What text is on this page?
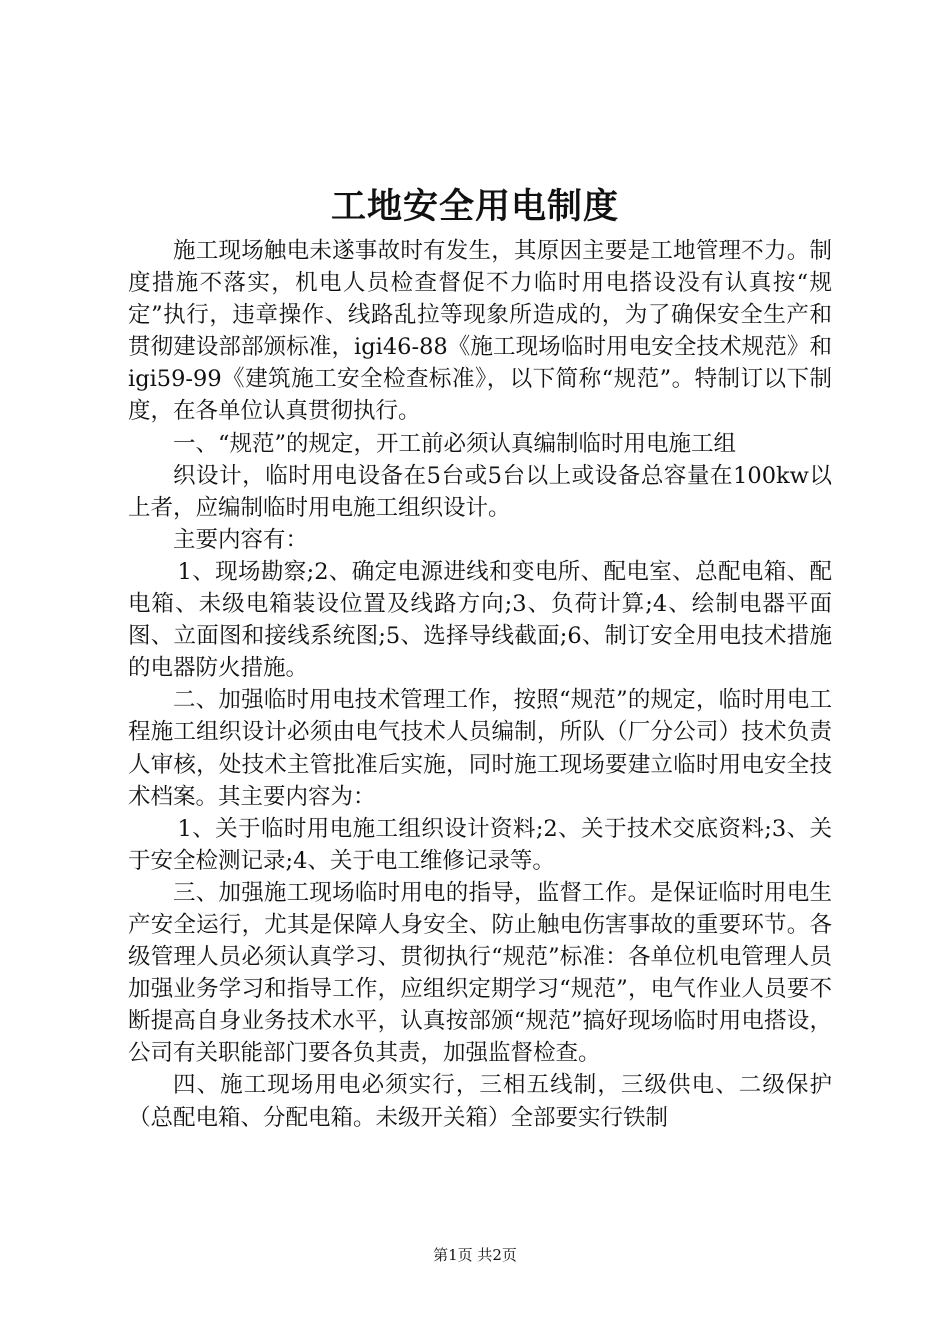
工地安全用电制度

施工现场触电未遂事故时有发生，其原因主要是工地管理不力。制度措施不落实，机电人员检查督促不力临时用电搭设没有认真按“规定”执行，违章操作、线路乱拉等现象所造成的，为了确保安全生产和贯彻建设部部颁标准，igi46-88《施工现场临时用电安全技术规范》和igi59-99《建筑施工安全检查标准》，以下简称“规范”。特制订以下制度，在各单位认真贯彻执行。

一、“规范”的规定，开工前必须认真编制临时用电施工组

织设计，临时用电设备在5台或5台以上或设备总容量在100kw以上者，应编制临时用电施工组织设计。

主要内容有：

1、现场勘察;2、确定电源进线和变电所、配电室、总配电箱、配电箱、未级电箱装设位置及线路方向;3、负荷计算;4、绘制电器平面图、立面图和接线系统图;5、选择导线截面;6、制订安全用电技术措施的电器防火措施。

二、加强临时用电技术管理工作，按照“规范”的规定，临时用电工程施工组织设计必须由电气技术人员编制，所队（厂分公司）技术负责人审核，处技术主管批准后实施，同时施工现场要建立临时用电安全技术档案。其主要内容为：

1、关于临时用电施工组织设计资料;2、关于技术交底资料;3、关于安全检测记录;4、关于电工维修记录等。

三、加强施工现场临时用电的指导，监督工作。是保证临时用电生产安全运行，尤其是保障人身安全、防止触电伤害事故的重要环节。各级管理人员必须认真学习、贯彻执行“规范”标准：各单位机电管理人员加强业务学习和指导工作，应组织定期学习“规范”，电气作业人员要不断提高自身业务技术水平，认真按部颁“规范”搞好现场临时用电搭设，公司有关职能部门要各负其责，加强监督检查。

四、施工现场用电必须实行，三相五线制，三级供电、二级保护（总配电箱、分配电箱。未级开关箱）全部要实行铁制

第1页 共2页
